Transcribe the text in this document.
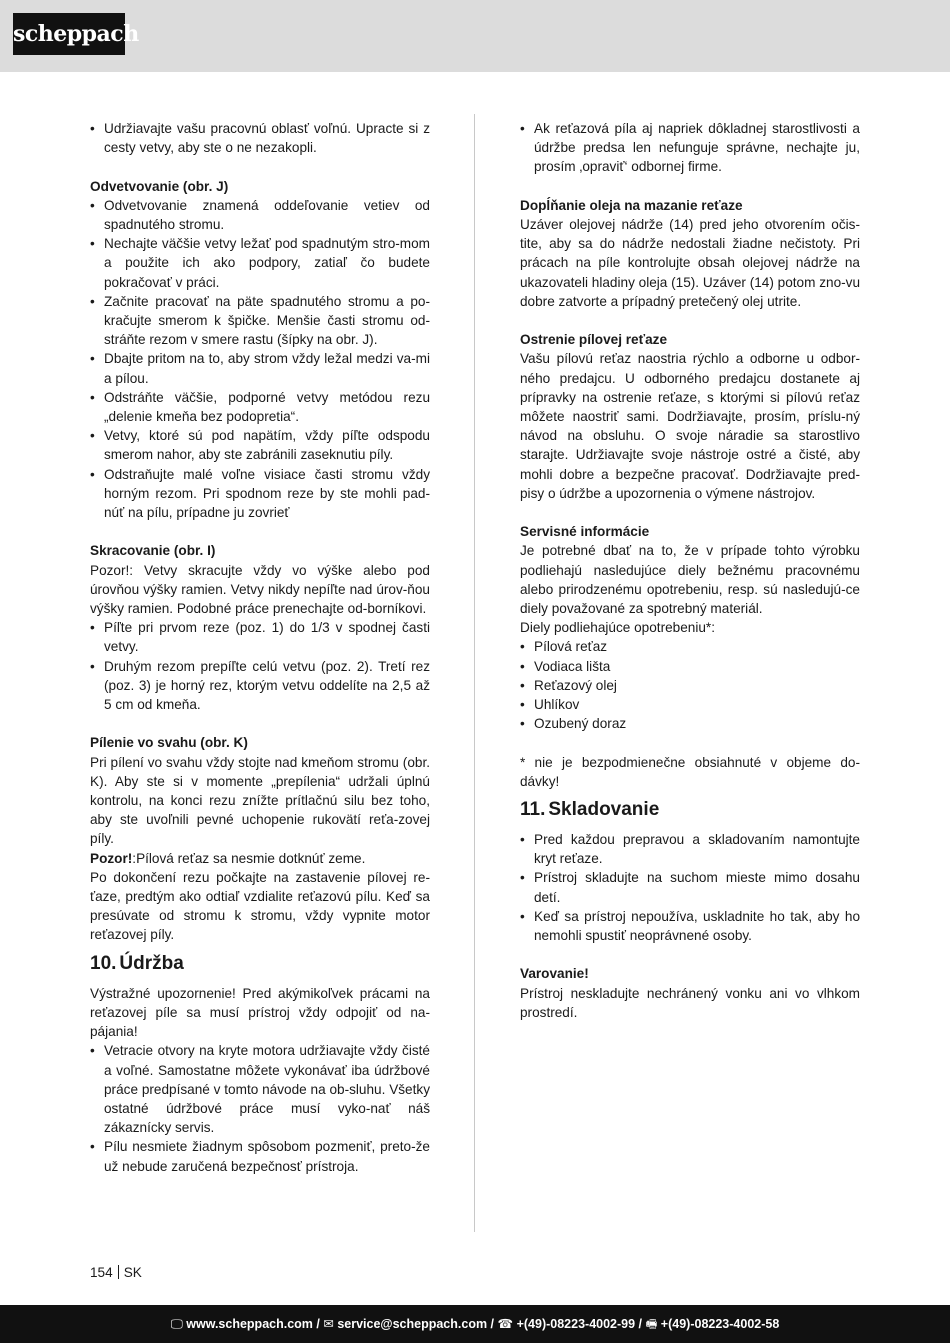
scheppach
• Udržiavajte vašu pracovnú oblasť voľnú. Upracte si z cesty vetvy, aby ste o ne nezakopli.

Odvetvovanie (obr. J)

• Odvetvovanie znamená oddeľovanie vetiev od spadnutého stromu.
• Nechajte väčšie vetvy ležať pod spadnutým stro-mom a použite ich ako podpory, zatiaľ čo budete pokračovať v práci.
• Začnite pracovať na päte spadnutého stromu a po-kračujte smerom k špičke. Menšie časti stromu od-stráňte rezom v smere rastu (šípky na obr. J).
• Dbajte pritom na to, aby strom vždy ležal medzi va-mi a pílou.
• Odstráňte väčšie, podporné vetvy metódou rezu „delenie kmeňa bez podopretia“.
• Vetvy, ktoré sú pod napätím, vždy píľte odspodu smerom nahor, aby ste zabránili zaseknutiu píly.
• Odstraňujte malé voľne visiace časti stromu vždy horným rezom. Pri spodnom reze by ste mohli pad-núť na pílu, prípadne ju zovrieť

Skracovanie (obr. I)

Pozor!: Vetvy skracujte vždy vo výške alebo pod úrovňou výšky ramien. Vetvy nikdy nepíľte nad úrov-ňou výšky ramien. Podobné práce prenechajte od-borníkovi.

• Píľte pri prvom reze (poz. 1) do 1/3 v spodnej časti vetvy.
• Druhým rezom prepíľte celú vetvu (poz. 2). Tretí rez (poz. 3) je horný rez, ktorým vetvu oddelíte na 2,5 až 5 cm od kmeňa.

Pílenie vo svahu (obr. K)

Pri pílení vo svahu vždy stojte nad kmeňom stromu (obr. K). Aby ste si v momente „prepílenia“ udržali úplnú kontrolu, na konci rezu znížte prítlačnú silu bez toho, aby ste uvoľnili pevné uchopenie rukovätí reťa-zovej píly.

Pozor!:Pílová reťaz sa nesmie dotknúť zeme.

Po dokončení rezu počkajte na zastavenie pílovej re-ťaze, predtým ako odtiaľ vzdialite reťazovú pílu. Keď sa presúvate od stromu k stromu, vždy vypnite motor reťazovej píly.

10. Údržba

Výstražné upozornenie! Pred akýmikoľvek prácami na reťazovej píle sa musí prístroj vždy odpojiť od na-pájania!

• Vetracie otvory na kryte motora udržiavajte vždy čisté a voľné. Samostatne môžete vykonávať iba údržbové práce predpísané v tomto návode na ob-sluhu. Všetky ostatné údržbové práce musí vyko-nať náš zákaznícky servis.
• Pílu nesmiete žiadnym spôsobom pozmeniť, preto-že už nebude zaručená bezpečnosť prístroja.
• Ak reťazová píla aj napriek dôkladnej starostlivosti a údržbe predsa len nefunguje správne, nechajte ju, prosím ‚opraviť‘ odbornej firme.

Dopĺňanie oleja na mazanie reťaze

Uzáver olejovej nádrže (14) pred jeho otvorením očis-tite, aby sa do nádrže nedostali žiadne nečistoty. Pri prácach na píle kontrolujte obsah olejovej nádrže na ukazovateli hladiny oleja (15). Uzáver (14) potom zno-vu dobre zatvorte a prípadný pretečený olej utrite.

Ostrenie pílovej reťaze

Vašu pílovú reťaz naostria rýchlo a odborne u odbor-ného predajcu. U odborného predajcu dostanete aj prípravky na ostrenie reťaze, s ktorými si pílovú reťaz môžete naostriť sami. Dodržiavajte, prosím, príslu-ný návod na obsluhu. O svoje náradie sa starostlivo starajte. Udržiavajte svoje nástroje ostré a čisté, aby mohli dobre a bezpečne pracovať. Dodržiavajte pred-pisy o údržbe a upozornenia o výmene nástrojov.

Servisné informácie

Je potrebné dbať na to, že v prípade tohto výrobku podliehajú nasledujúce diely bežnému pracovnému alebo prirodzenému opotrebeniu, resp. sú nasledujú-ce diely považované za spotrebný materiál.

Diely podliehajúce opotrebeniu*:

• Pílová reťaz
• Vodiaca lišta
• Reťazový olej
• Uhlíkov
• Ozubený doraz

* nie je bezpodmienečne obsiahnuté v objeme do-dávky!

11. Skladovanie
• Pred každou prepravou a skladovaním namontujte kryt reťaze.
• Prístroj skladujte na suchom mieste mimo dosahu detí.
• Keď sa prístroj nepoužíva, uskladnite ho tak, aby ho nemohli spustiť neoprávnené osoby.

Varovanie!

Prístroj neskladujte nechránený vonku ani vo vlhkom prostredí.

154 SK
🖵 www.scheppach.com / ✉ service@scheppach.com / ☎ +(49)-08223-4002-99 / 🖷 +(49)-08223-4002-58
